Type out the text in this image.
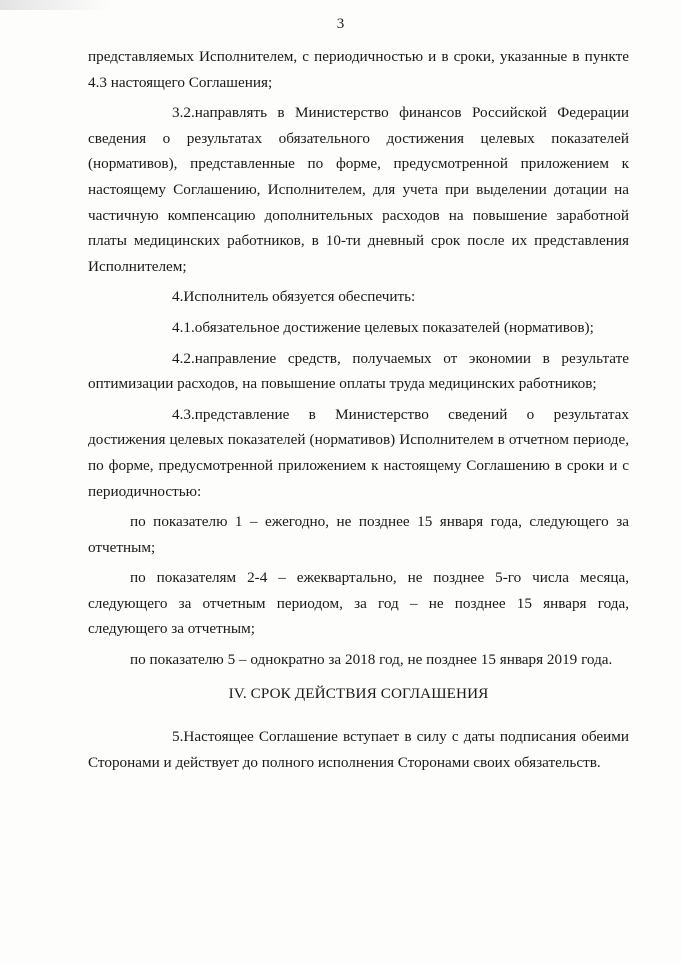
3

представляемых Исполнителем, с периодичностью и в сроки, указанные в пункте 4.3 настоящего Соглашения;

3.2.направлять в Министерство финансов Российской Федерации сведения о результатах обязательного достижения целевых показателей (нормативов), представленные по форме, предусмотренной приложением к настоящему Соглашению, Исполнителем, для учета при выделении дотации на частичную компенсацию дополнительных расходов на повышение заработной платы медицинских работников, в 10-ти дневный срок после их представления Исполнителем;

4.Исполнитель обязуется обеспечить:

4.1.обязательное достижение целевых показателей (нормативов);

4.2.направление средств, получаемых от экономии в результате оптимизации расходов, на повышение оплаты труда медицинских работников;

4.3.представление в Министерство сведений о результатах достижения целевых показателей (нормативов) Исполнителем в отчетном периоде, по форме, предусмотренной приложением к настоящему Соглашению в сроки и с периодичностью:

по показателю 1 – ежегодно, не позднее 15 января года, следующего за отчетным;

по показателям 2-4 – ежеквартально, не позднее 5-го числа месяца, следующего за отчетным периодом, за год – не позднее 15 января года, следующего за отчетным;

по показателю 5 – однократно за 2018 год, не позднее 15 января 2019 года.

IV. СРОК ДЕЙСТВИЯ СОГЛАШЕНИЯ

5.Настоящее Соглашение вступает в силу с даты подписания обеими Сторонами и действует до полного исполнения Сторонами своих обязательств.
